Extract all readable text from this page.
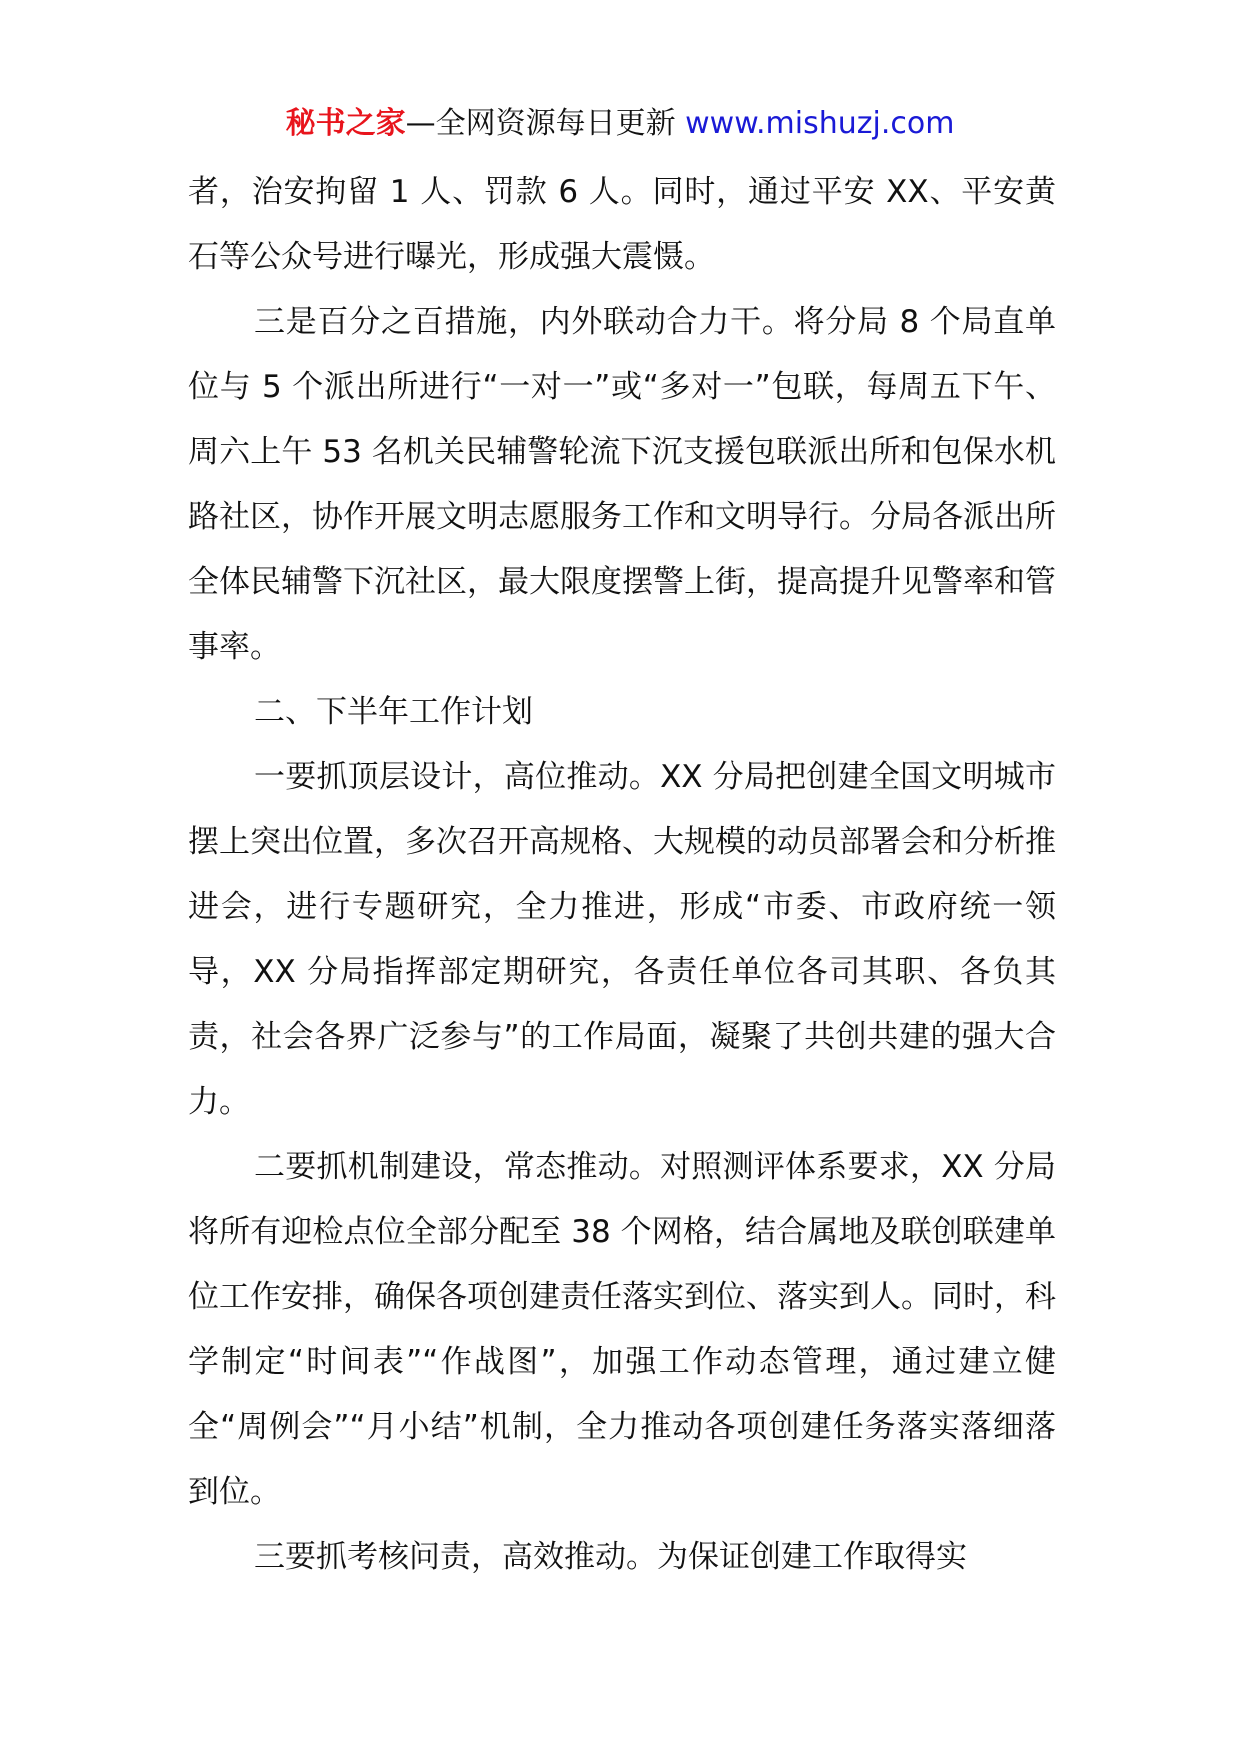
秘书之家—全网资源每日更新 www.mishuzj.com

者，治安拘留 1 人、罚款 6 人。同时，通过平安 XX、平安黄石等公众号进行曝光，形成强大震慑。

三是百分之百措施，内外联动合力干。将分局 8 个局直单位与 5 个派出所进行“一对一”或“多对一”包联，每周五下午、周六上午 53 名机关民辅警轮流下沉支援包联派出所和包保水机路社区，协作开展文明志愿服务工作和文明导行。分局各派出所全体民辅警下沉社区，最大限度摆警上街，提高提升见警率和管事率。

二、下半年工作计划

一要抓顶层设计，高位推动。XX 分局把创建全国文明城市摆上突出位置，多次召开高规格、大规模的动员部署会和分析推进会，进行专题研究，全力推进，形成“市委、市政府统一领导，XX 分局指挥部定期研究，各责任单位各司其职、各负其责，社会各界广泛参与”的工作局面，凝聚了共创共建的强大合力。

二要抓机制建设，常态推动。对照测评体系要求，XX 分局将所有迎检点位全部分配至 38 个网格，结合属地及联创联建单位工作安排，确保各项创建责任落实到位、落实到人。同时，科学制定“时间表”“作战图”，加强工作动态管理，通过建立健全“周例会”“月小结”机制，全力推动各项创建任务落实落细落到位。

三要抓考核问责，高效推动。为保证创建工作取得实
